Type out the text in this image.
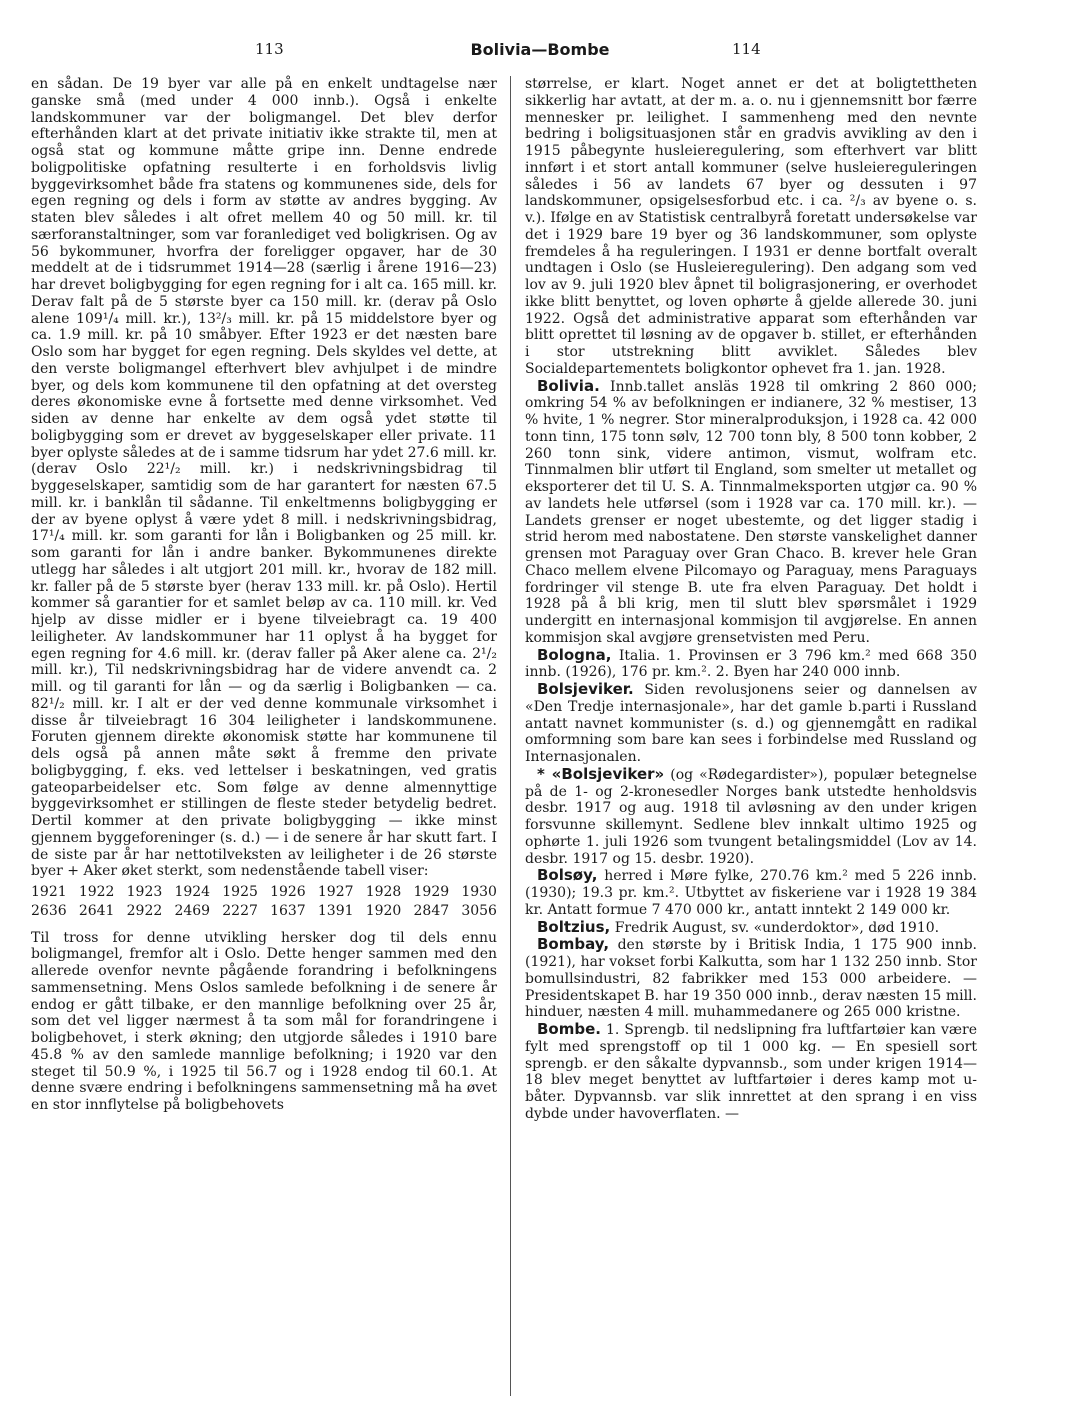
113	Bolivia—Bombe	114

en sådan. De 19 byer var alle på en enkelt undtagelse nær ganske små (med under 4 000 innb.). Også i enkelte landskommuner var der boligmangel. Det blev derfor efterhånden klart at det private initiativ ikke strakte til, men at også stat og kommune måtte gripe inn. Denne endrede boligpolitiske opfatning resulterte i en forholdsvis livlig byggevirksomhet både fra statens og kommunenes side, dels for egen regning og dels i form av støtte av andres bygging. Av staten blev således i alt ofret mellem 40 og 50 mill. kr. til særforanstaltninger, som var foranlediget ved boligkrisen. Og av 56 bykommuner, hvorfra der foreligger opgaver, har de 30 meddelt at de i tidsrummet 1914—28 (særlig i årene 1916—23) har drevet boligbygging for egen regning for i alt ca. 165 mill. kr. Derav falt på de 5 største byer ca 150 mill. kr. (derav på Oslo alene 109¹/₄ mill. kr.), 13²/₃ mill. kr. på 15 middelstore byer og ca. 1.9 mill. kr. på 10 småbyer. Efter 1923 er det næsten bare Oslo som har bygget for egen regning. Dels skyldes vel dette, at den verste boligmangel efterhvert blev avhjulpet i de mindre byer, og dels kom kommunene til den opfatning at det oversteg deres økonomiske evne å fortsette med denne virksomhet. Ved siden av denne har enkelte av dem også ydet støtte til boligbygging som er drevet av byggeselskaper eller private. 11 byer oplyste således at de i samme tidsrum har ydet 27.6 mill. kr. (derav Oslo 22¹/₂ mill. kr.) i nedskrivningsbidrag til byggeselskaper, samtidig som de har garantert for næsten 67.5 mill. kr. i banklån til sådanne. Til enkeltmenns boligbygging er der av byene oplyst å være ydet 8 mill. i nedskrivningsbidrag, 17¹/₄ mill. kr. som garanti for lån i Boligbanken og 25 mill. kr. som garanti for lån i andre banker. Bykommunenes direkte utlegg har således i alt utgjort 201 mill. kr., hvorav de 182 mill. kr. faller på de 5 største byer (herav 133 mill. kr. på Oslo). Hertil kommer så garantier for et samlet beløp av ca. 110 mill. kr. Ved hjelp av disse midler er i byene tilveiebragt ca. 19 400 leiligheter. Av landskommuner har 11 oplyst å ha bygget for egen regning for 4.6 mill. kr. (derav faller på Aker alene ca. 2¹/₂ mill. kr.), Til nedskrivningsbidrag har de videre anvendt ca. 2 mill. og til garanti for lån — og da særlig i Boligbanken — ca. 82¹/₂ mill. kr. I alt er der ved denne kommunale virksomhet i disse år tilveiebragt 16 304 leiligheter i landskommunene. Foruten gjennem direkte økonomisk støtte har kommunene til dels også på annen måte søkt å fremme den private boligbygging, f. eks. ved lettelser i beskatningen, ved gratis gateoparbeidelser etc. Som følge av denne almennyttige byggevirksomhet er stillingen de fleste steder betydelig bedret. Dertil kommer at den private boligbygging — ikke minst gjennem byggeforeninger (s. d.) — i de senere år har skutt fart. I de siste par år har nettotilveksten av leiligheter i de 26 største byer + Aker øket sterkt, som nedenstående tabell viser:

1921 1922 1923 1924 1925 1926 1927 1928 1929 1930
2636 2641 2922 2469 2227 1637 1391 1920 2847 3056

Til tross for denne utvikling hersker dog til dels ennu boligmangel, fremfor alt i Oslo. Dette henger sammen med den allerede ovenfor nevnte pågående forandring i befolkningens sammensetning. Mens Oslos samlede befolkning i de senere år endog er gått tilbake, er den mannlige befolkning over 25 år, som det vel ligger nærmest å ta som mål for forandringene i boligbehovet, i sterk økning; den utgjorde således i 1910 bare 45.8 % av den samlede mannlige befolkning; i 1920 var den steget til 50.9 %, i 1925 til 56.7 og i 1928 endog til 60.1. At denne svære endring i befolkningens sammensetning må ha øvet en stor innflytelse på boligbehovets

størrelse, er klart. Noget annet er det at boligtettheten sikkerlig har avtatt, at der m. a. o. nu i gjennemsnitt bor færre mennesker pr. leilighet. I sammenheng med den nevnte bedring i boligsituasjonen står en gradvis avvikling av den i 1915 påbegynte husleieregulering, som efterhvert var blitt innført i et stort antall kommuner (selve husleiereguleringen således i 56 av landets 67 byer og dessuten i 97 landskommuner, opsigelsesforbud etc. i ca. ²/₃ av byene o. s. v.). Ifølge en av Statistisk centralbyrå foretatt undersøkelse var det i 1929 bare 19 byer og 36 landskommuner, som oplyste fremdeles å ha reguleringen. I 1931 er denne bortfalt overalt undtagen i Oslo (se Husleieregulering). Den adgang som ved lov av 9. juli 1920 blev åpnet til boligrasjonering, er overhodet ikke blitt benyttet, og loven ophørte å gjelde allerede 30. juni 1922. Også det administrative apparat som efterhånden var blitt oprettet til løsning av de opgaver b. stillet, er efterhånden i stor utstrekning blitt avviklet. Således blev Socialdepartementets boligkontor ophevet fra 1. jan. 1928.

Bolivia. Innb.tallet ansläs 1928 til omkring 2 860 000; omkring 54 % av befolkningen er indianere, 32 % mestiser, 13 % hvite, 1 % negrer. Stor mineralproduksjon, i 1928 ca. 42 000 tonn tinn, 175 tonn sølv, 12 700 tonn bly, 8 500 tonn kobber, 2 260 tonn sink, videre antimon, vismut, wolfram etc. Tinnmalmen blir utført til England, som smelter ut metallet og eksporterer det til U. S. A. Tinnmalmeksporten utgjør ca. 90 % av landets hele utførsel (som i 1928 var ca. 170 mill. kr.). — Landets grenser er noget ubestemte, og det ligger stadig i strid herom med nabostatene. Den største vanskelighet danner grensen mot Paraguay over Gran Chaco. B. krever hele Gran Chaco mellem elvene Pilcomayo og Paraguay, mens Paraguays fordringer vil stenge B. ute fra elven Paraguay. Det holdt i 1928 på å bli krig, men til slutt blev spørsmålet i 1929 undergitt en internasjonal kommisjon til avgjørelse. En annen kommisjon skal avgjøre grensetvisten med Peru.

Bologna, Italia. 1. Provinsen er 3 796 km.² med 668 350 innb. (1926), 176 pr. km.². 2. Byen har 240 000 innb.

Bolsjeviker. Siden revolusjonens seier og dannelsen av «Den Tredje internasjonale», har det gamle b.parti i Russland antatt navnet kommunister (s. d.) og gjennemgått en radikal omformning som bare kan sees i forbindelse med Russland og Internasjonalen.

* «Bolsjeviker» (og «Rødegardister»), populær betegnelse på de 1- og 2-kronesedler Norges bank utstedte henholdsvis desbr. 1917 og aug. 1918 til avløsning av den under krigen forsvunne skillemynt. Sedlene blev innkalt ultimo 1925 og ophørte 1. juli 1926 som tvungent betalingsmiddel (Lov av 14. desbr. 1917 og 15. desbr. 1920).

Bolsøy, herred i Møre fylke, 270.76 km.² med 5 226 innb. (1930); 19.3 pr. km.². Utbyttet av fiskeriene var i 1928 19 384 kr. Antatt formue 7 470 000 kr., antatt inntekt 2 149 000 kr.

Boltzius, Fredrik August, sv. «underdoktor», død 1910.

Bombay, den største by i Britisk India, 1 175 900 innb. (1921), har vokset forbi Kalkutta, som har 1 132 250 innb. Stor bomullsindustri, 82 fabrikker med 153 000 arbeidere. — Presidentskapet B. har 19 350 000 innb., derav næsten 15 mill. hinduer, næsten 4 mill. muhammedanere og 265 000 kristne.

Bombe. 1. Sprengb. til nedslipning fra luftfartøier kan være fylt med sprengstoff op til 1 000 kg. — En spesiell sort sprengb. er den såkalte dypvannsb., som under krigen 1914—18 blev meget benyttet av luftfartøier i deres kamp mot u-båter. Dypvannsb. var slik innrettet at den sprang i en viss dybde under havoverflaten. —
